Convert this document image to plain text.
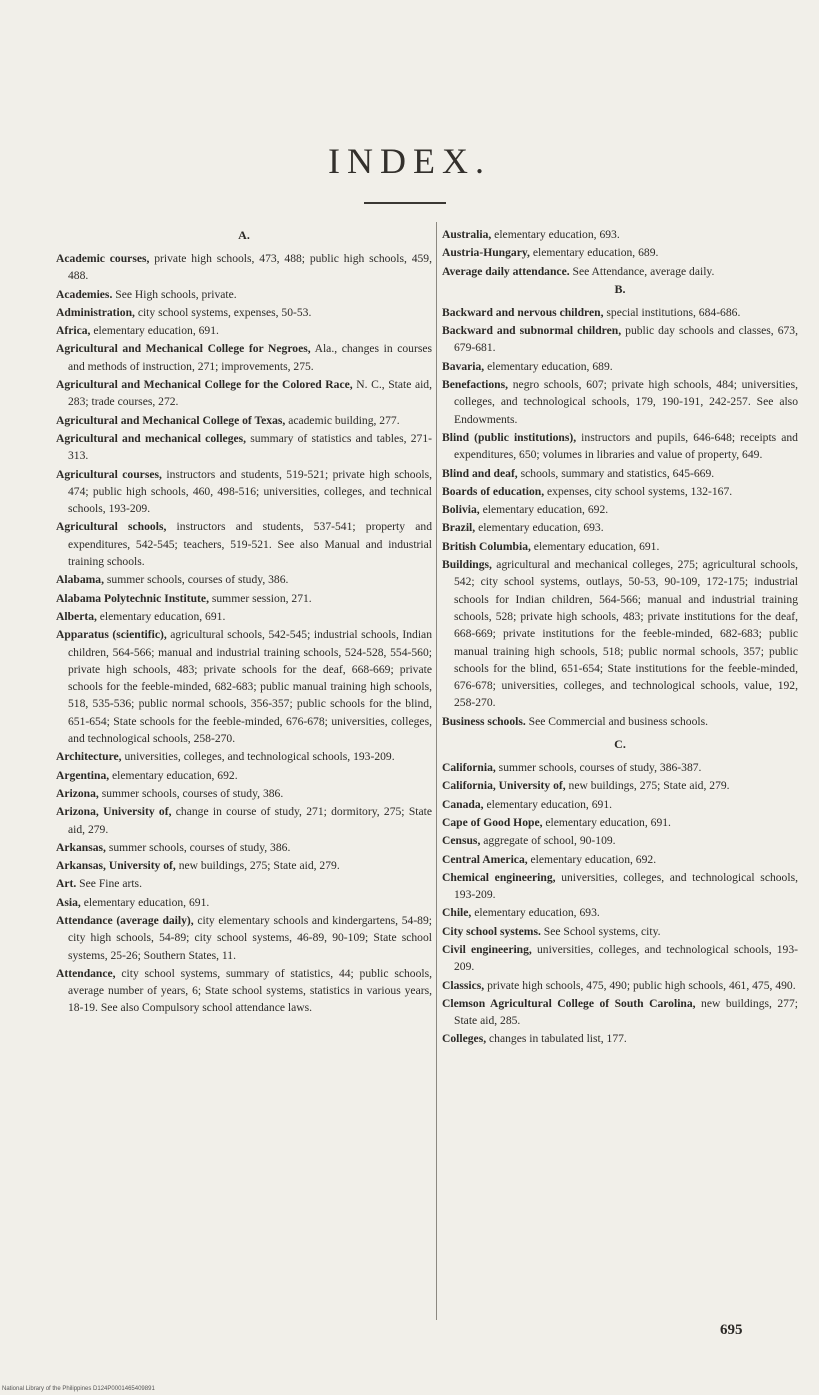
INDEX.
A.
Academic courses, private high schools, 473, 488; public high schools, 459, 488.
Academies. See High schools, private.
Administration, city school systems, expenses, 50-53.
Africa, elementary education, 691.
Agricultural and Mechanical College for Negroes, Ala., changes in courses and methods of instruction, 271; improvements, 275.
Agricultural and Mechanical College for the Colored Race, N. C., State aid, 283; trade courses, 272.
Agricultural and Mechanical College of Texas, academic building, 277.
Agricultural and mechanical colleges, summary of statistics and tables, 271-313.
Agricultural courses, instructors and students, 519-521; private high schools, 474; public high schools, 460, 498-516; universities, colleges, and technical schools, 193-209.
Agricultural schools, instructors and students, 537-541; property and expenditures, 542-545; teachers, 519-521. See also Manual and industrial training schools.
Alabama, summer schools, courses of study, 386.
Alabama Polytechnic Institute, summer session, 271.
Alberta, elementary education, 691.
Apparatus (scientific), agricultural schools, 542-545; industrial schools, Indian children, 564-566; manual and industrial training schools, 524-528, 554-560; private high schools, 483; private schools for the deaf, 668-669; private schools for the feeble-minded, 682-683; public manual training high schools, 518, 535-536; public normal schools, 356-357; public schools for the blind, 651-654; State schools for the feeble-minded, 676-678; universities, colleges, and technological schools, 258-270.
Architecture, universities, colleges, and technological schools, 193-209.
Argentina, elementary education, 692.
Arizona, summer schools, courses of study, 386.
Arizona, University of, change in course of study, 271; dormitory, 275; State aid, 279.
Arkansas, summer schools, courses of study, 386.
Arkansas, University of, new buildings, 275; State aid, 279.
Art. See Fine arts.
Asia, elementary education, 691.
Attendance (average daily), city elementary schools and kindergartens, 54-89; city high schools, 54-89; city school systems, 46-89, 90-109; State school systems, 25-26; Southern States, 11.
Attendance, city school systems, summary of statistics, 44; public schools, average number of years, 6; State school systems, statistics in various years, 18-19. See also Compulsory school attendance laws.
Australia, elementary education, 693.
Austria-Hungary, elementary education, 689.
Average daily attendance. See Attendance, average daily.
B.
Backward and nervous children, special institutions, 684-686.
Backward and subnormal children, public day schools and classes, 673, 679-681.
Bavaria, elementary education, 689.
Benefactions, negro schools, 607; private high schools, 484; universities, colleges, and technological schools, 179, 190-191, 242-257. See also Endowments.
Blind (public institutions), instructors and pupils, 646-648; receipts and expenditures, 650; volumes in libraries and value of property, 649.
Blind and deaf, schools, summary and statistics, 645-669.
Boards of education, expenses, city school systems, 132-167.
Bolivia, elementary education, 692.
Brazil, elementary education, 693.
British Columbia, elementary education, 691.
Buildings, agricultural and mechanical colleges, 275; agricultural schools, 542; city school systems, outlays, 50-53, 90-109, 172-175; industrial schools for Indian children, 564-566; manual and industrial training schools, 528; private high schools, 483; private institutions for the deaf, 668-669; private institutions for the feeble-minded, 682-683; public manual training high schools, 518; public normal schools, 357; public schools for the blind, 651-654; State institutions for the feeble-minded, 676-678; universities, colleges, and technological schools, value, 192, 258-270.
Business schools. See Commercial and business schools.
C.
California, summer schools, courses of study, 386-387.
California, University of, new buildings, 275; State aid, 279.
Canada, elementary education, 691.
Cape of Good Hope, elementary education, 691.
Census, aggregate of school, 90-109.
Central America, elementary education, 692.
Chemical engineering, universities, colleges, and technological schools, 193-209.
Chile, elementary education, 693.
City school systems. See School systems, city.
Civil engineering, universities, colleges, and technological schools, 193-209.
Classics, private high schools, 475, 490; public high schools, 461, 475, 490.
Clemson Agricultural College of South Carolina, new buildings, 277; State aid, 285.
Colleges, changes in tabulated list, 177.
695
National Library of the Philippines D124P0001465409891
